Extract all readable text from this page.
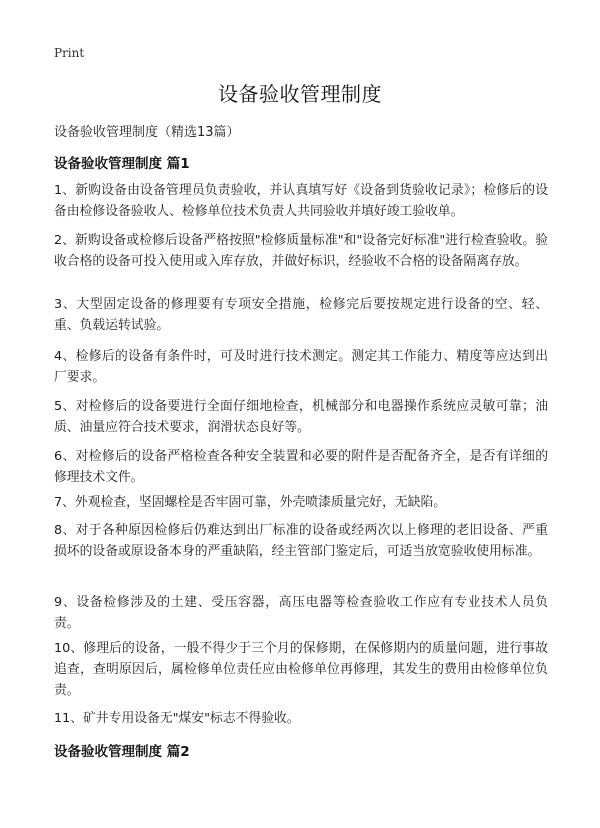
Print
设备验收管理制度
设备验收管理制度（精选13篇）
设备验收管理制度 篇1
1、新购设备由设备管理员负责验收，并认真填写好《设备到货验收记录》；检修后的设备由检修设备验收人、检修单位技术负责人共同验收并填好竣工验收单。
2、新购设备或检修后设备严格按照"检修质量标准"和"设备完好标准"进行检查验收。验收合格的设备可投入使用或入库存放，并做好标识，经验收不合格的设备隔离存放。
3、大型固定设备的修理要有专项安全措施，检修完后要按规定进行设备的空、轻、重、负载运转试验。
4、检修后的设备有条件时，可及时进行技术测定。测定其工作能力、精度等应达到出厂要求。
5、对检修后的设备要进行全面仔细地检查，机械部分和电器操作系统应灵敏可靠；油质、油量应符合技术要求，润滑状态良好等。
6、对检修后的设备严格检查各种安全装置和必要的附件是否配备齐全，是否有详细的修理技术文件。
7、外观检查，坚固螺栓是否牢固可靠，外壳喷漆质量完好，无缺陷。
8、对于各种原因检修后仍难达到出厂标准的设备或经两次以上修理的老旧设备、严重损坏的设备或原设备本身的严重缺陷，经主管部门鉴定后，可适当放宽验收使用标准。
9、设备检修涉及的土建、受压容器，高压电器等检查验收工作应有专业技术人员负责。
10、修理后的设备，一般不得少于三个月的保修期，在保修期内的质量问题，进行事故追查，查明原因后，属检修单位责任应由检修单位再修理，其发生的费用由检修单位负责。
11、矿井专用设备无"煤安"标志不得验收。
设备验收管理制度 篇2
